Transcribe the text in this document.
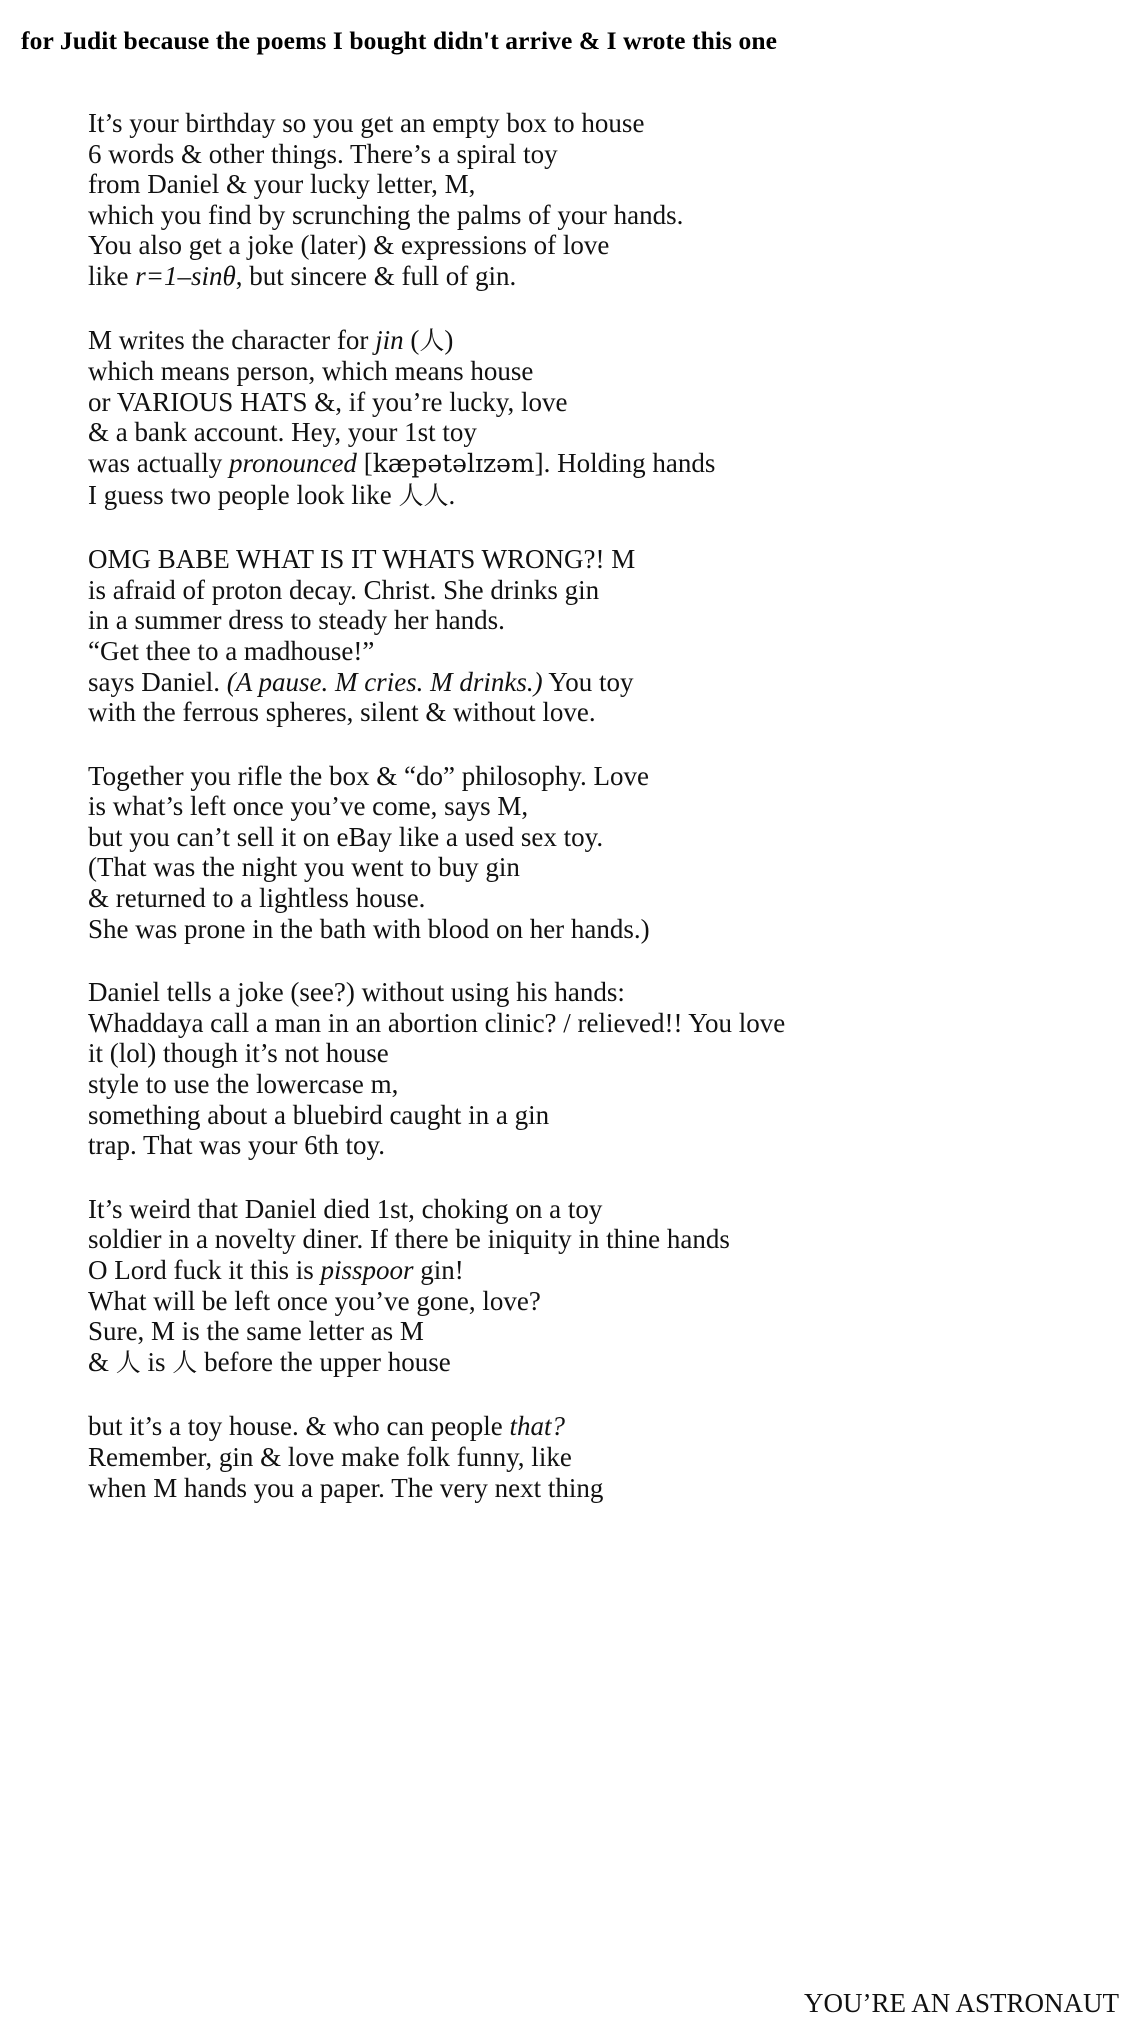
for Judit because the poems I bought didn't arrive & I wrote this one
It’s your birthday so you get an empty box to house
6 words & other things. There’s a spiral toy
from Daniel & your lucky letter, M,
which you find by scrunching the palms of your hands.
You also get a joke (later) & expressions of love
like r=1–sinθ, but sincere & full of gin.
M writes the character for jin (人)
which means person, which means house
or VARIOUS HATS &, if you’re lucky, love
& a bank account. Hey, your 1st toy
was actually pronounced [kæpətəlɪzəm]. Holding hands
I guess two people look like 人人.
OMG BABE WHAT IS IT WHATS WRONG?! M
is afraid of proton decay. Christ. She drinks gin
in a summer dress to steady her hands.
“Get thee to a madhouse!”
says Daniel. (A pause. M cries. M drinks.) You toy
with the ferrous spheres, silent & without love.
Together you rifle the box & “do” philosophy. Love
is what’s left once you’ve come, says M,
but you can’t sell it on eBay like a used sex toy.
(That was the night you went to buy gin
& returned to a lightless house.
She was prone in the bath with blood on her hands.)
Daniel tells a joke (see?) without using his hands:
Whaddaya call a man in an abortion clinic? / relieved!! You love
it (lol) though it’s not house
style to use the lowercase m,
something about a bluebird caught in a gin
trap. That was your 6th toy.
It’s weird that Daniel died 1st, choking on a toy
soldier in a novelty diner. If there be iniquity in thine hands
O Lord fuck it this is pisspoor gin!
What will be left once you’ve gone, love?
Sure, M is the same letter as M
& 人 is 人 before the upper house
but it’s a toy house. & who can people that?
Remember, gin & love make folk funny, like
when M hands you a paper. The very next thing
YOU’RE AN ASTRONAUT
